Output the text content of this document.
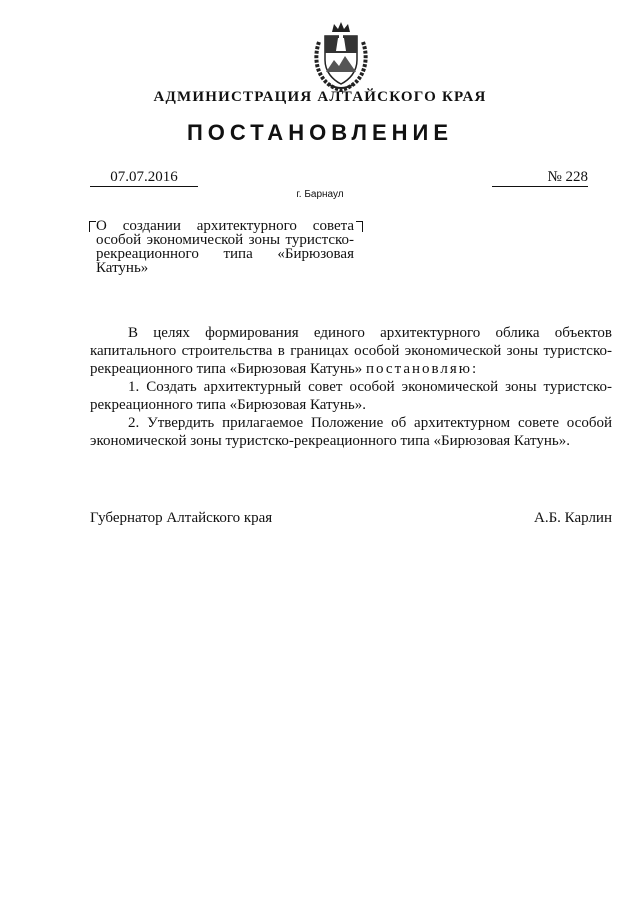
АДМИНИСТРАЦИЯ АЛТАЙСКОГО КРАЯ
ПОСТАНОВЛЕНИЕ
07.07.2016	№ 228
г. Барнаул
О создании архитектурного совета особой экономической зоны туристско-рекреационного типа «Бирюзовая Катунь»

В целях формирования единого архитектурного облика объектов капитального строительства в границах особой экономической зоны туристско-рекреационного типа «Бирюзовая Катунь» постановляю:

1. Создать архитектурный совет особой экономической зоны туристско-рекреационного типа «Бирюзовая Катунь».

2. Утвердить прилагаемое Положение об архитектурном совете особой экономической зоны туристско-рекреационного типа «Бирюзовая Катунь».

Губернатор Алтайского края	А.Б. Карлин
